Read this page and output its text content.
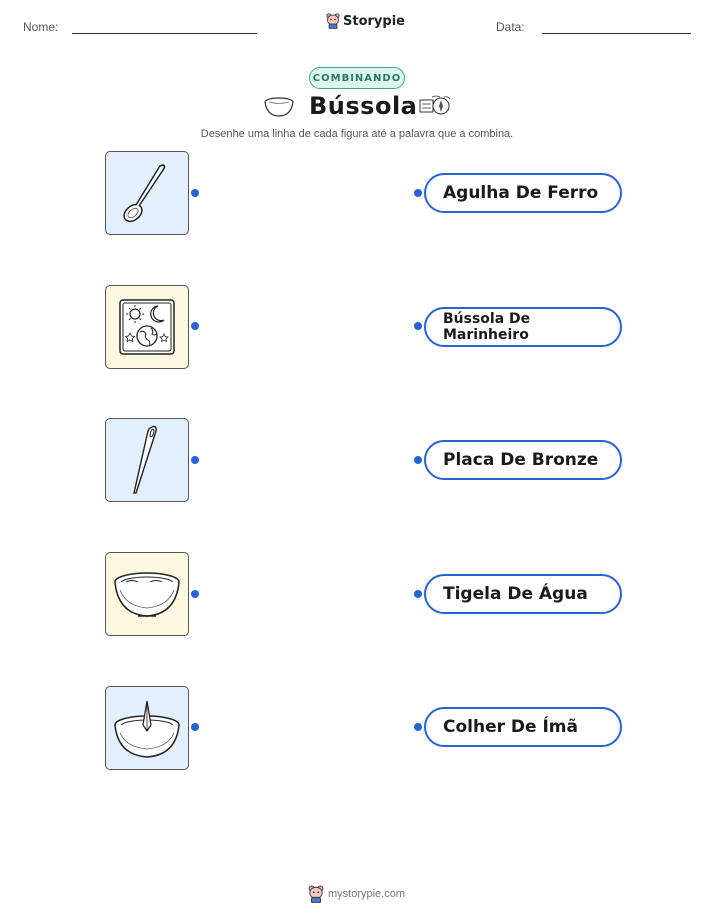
Nome:	Storypie	Data:
COMBINANDO
Bússola
Desenhe uma linha de cada figura até a palavra que a combina.
Agulha De Ferro
Bússola De Marinheiro
Placa De Bronze
Tigela De Água
Colher De Ímã
mystorypie.com
